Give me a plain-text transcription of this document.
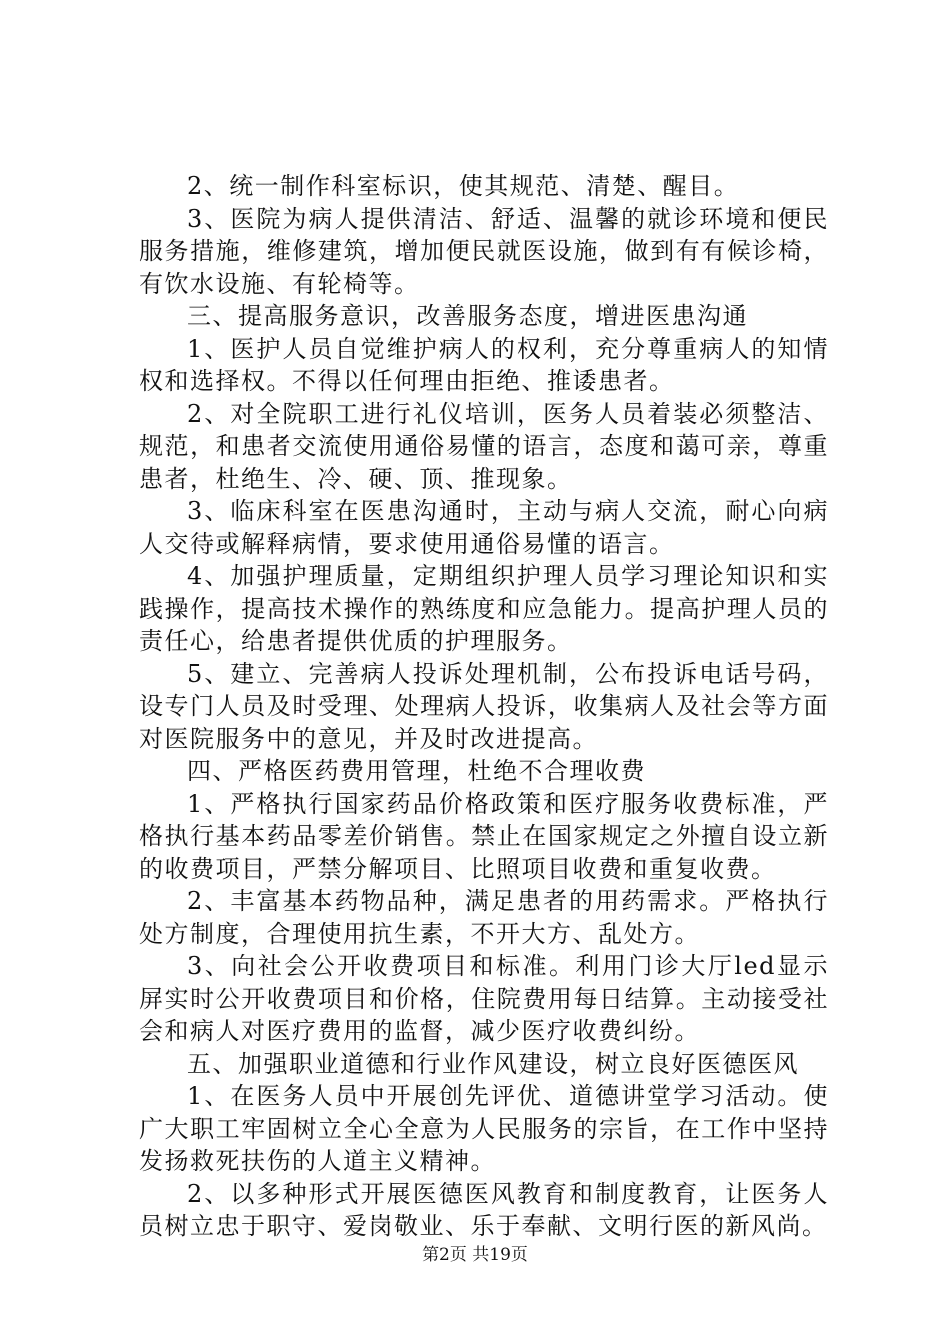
2、统一制作科室标识，使其规范、清楚、醒目。

3、医院为病人提供清洁、舒适、温馨的就诊环境和便民服务措施，维修建筑，增加便民就医设施，做到有有候诊椅，有饮水设施、有轮椅等。

三、提高服务意识，改善服务态度，增进医患沟通

1、医护人员自觉维护病人的权利，充分尊重病人的知情权和选择权。不得以任何理由拒绝、推诿患者。

2、对全院职工进行礼仪培训，医务人员着装必须整洁、规范，和患者交流使用通俗易懂的语言，态度和蔼可亲，尊重患者，杜绝生、冷、硬、顶、推现象。

3、临床科室在医患沟通时，主动与病人交流，耐心向病人交待或解释病情，要求使用通俗易懂的语言。

4、加强护理质量，定期组织护理人员学习理论知识和实践操作，提高技术操作的熟练度和应急能力。提高护理人员的责任心，给患者提供优质的护理服务。

5、建立、完善病人投诉处理机制，公布投诉电话号码，设专门人员及时受理、处理病人投诉，收集病人及社会等方面对医院服务中的意见，并及时改进提高。

四、严格医药费用管理，杜绝不合理收费

1、严格执行国家药品价格政策和医疗服务收费标准，严格执行基本药品零差价销售。禁止在国家规定之外擅自设立新的收费项目，严禁分解项目、比照项目收费和重复收费。

2、丰富基本药物品种，满足患者的用药需求。严格执行处方制度，合理使用抗生素，不开大方、乱处方。

3、向社会公开收费项目和标准。利用门诊大厅led显示屏实时公开收费项目和价格，住院费用每日结算。主动接受社会和病人对医疗费用的监督，减少医疗收费纠纷。

五、加强职业道德和行业作风建设，树立良好医德医风

1、在医务人员中开展创先评优、道德讲堂学习活动。使广大职工牢固树立全心全意为人民服务的宗旨，在工作中坚持发扬救死扶伤的人道主义精神。

2、以多种形式开展医德医风教育和制度教育，让医务人员树立忠于职守、爱岗敬业、乐于奉献、文明行医的新风尚。

第2页 共19页
